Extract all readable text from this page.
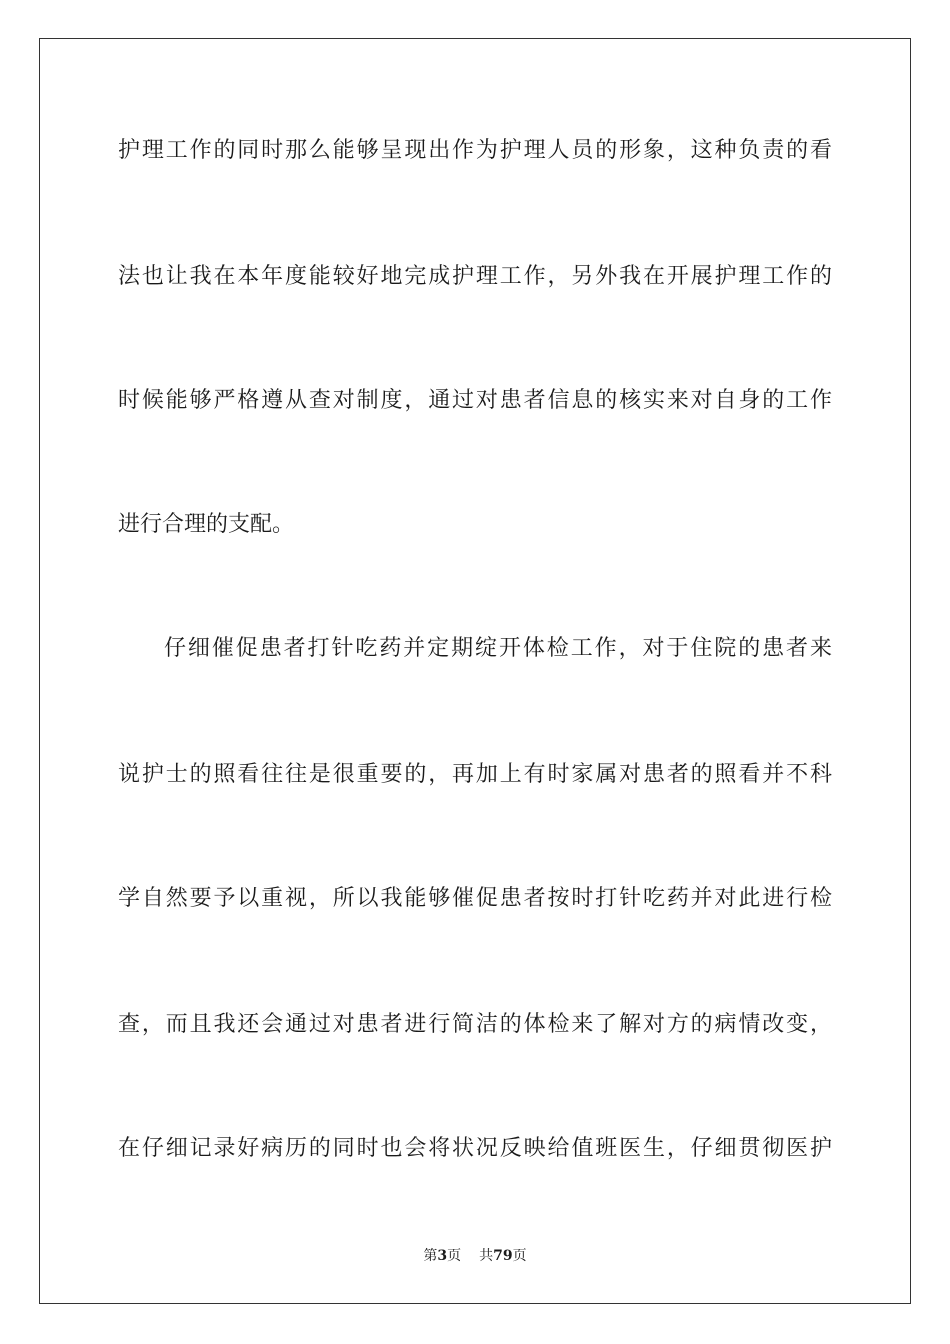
护理工作的同时那么能够呈现出作为护理人员的形象，这种负责的看
法也让我在本年度能较好地完成护理工作，另外我在开展护理工作的
时候能够严格遵从查对制度，通过对患者信息的核实来对自身的工作
进行合理的支配。
仔细催促患者打针吃药并定期绽开体检工作，对于住院的患者来
说护士的照看往往是很重要的，再加上有时家属对患者的照看并不科
学自然要予以重视，所以我能够催促患者按时打针吃药并对此进行检
查，而且我还会通过对患者进行简洁的体检来了解对方的病情改变，
在仔细记录好病历的同时也会将状况反映给值班医生，仔细贯彻医护
第3页 共79页
